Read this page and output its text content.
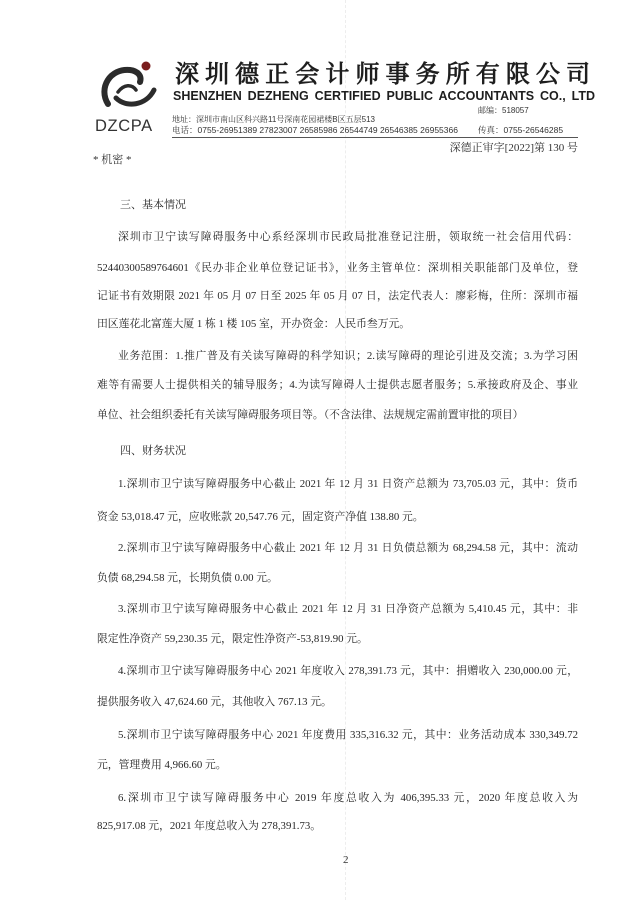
DZCPA
深圳德正会计师事务所有限公司
SHENZHEN DEZHENG CERTIFIED PUBLIC ACCOUNTANTS CO., LTD
邮编：518057
地址：深圳市南山区科兴路11号深南花园裙楼B区五层513
电话：0755-26951389 27823007 26585986 26544749 26546385 26955366 传真：0755-26546285
* 机密 *
深德正审字[2022]第 130 号
三、基本情况
深圳市卫宁读写障碍服务中心系经深圳市民政局批准登记注册，领取统一社会信用代码：
52440300589764601《民办非企业单位登记证书》，业务主管单位：深圳相关职能部门及单位，登
记证书有效期限 2021 年 05 月 07 日至 2025 年 05 月 07 日，法定代表人：廖彩梅，住所：深圳市福
田区莲花北富莲大厦 1 栋 1 楼 105 室，开办资金：人民币叁万元。
业务范围：1.推广普及有关读写障碍的科学知识；2.读写障碍的理论引进及交流；3.为学习困
难等有需要人士提供相关的辅导服务；4.为读写障碍人士提供志愿者服务；5.承接政府及企、事业
单位、社会组织委托有关读写障碍服务项目等。（不含法律、法规规定需前置审批的项目）
四、财务状况
1.深圳市卫宁读写障碍服务中心截止 2021 年 12 月 31 日资产总额为 73,705.03 元，其中：货币
资金 53,018.47 元，应收账款 20,547.76 元，固定资产净值 138.80 元。
2.深圳市卫宁读写障碍服务中心截止 2021 年 12 月 31 日负债总额为 68,294.58 元，其中：流动
负债 68,294.58 元，长期负债 0.00 元。
3.深圳市卫宁读写障碍服务中心截止 2021 年 12 月 31 日净资产总额为 5,410.45 元，其中：非
限定性净资产 59,230.35 元，限定性净资产-53,819.90 元。
4.深圳市卫宁读写障碍服务中心 2021 年度收入 278,391.73 元，其中：捐赠收入 230,000.00 元，
提供服务收入 47,624.60 元，其他收入 767.13 元。
5.深圳市卫宁读写障碍服务中心 2021 年度费用 335,316.32 元，其中：业务活动成本 330,349.72
元，管理费用 4,966.60 元。
6.深圳市卫宁读写障碍服务中心 2019 年度总收入为 406,395.33 元，2020 年度总收入为
825,917.08 元，2021 年度总收入为 278,391.73。
2
